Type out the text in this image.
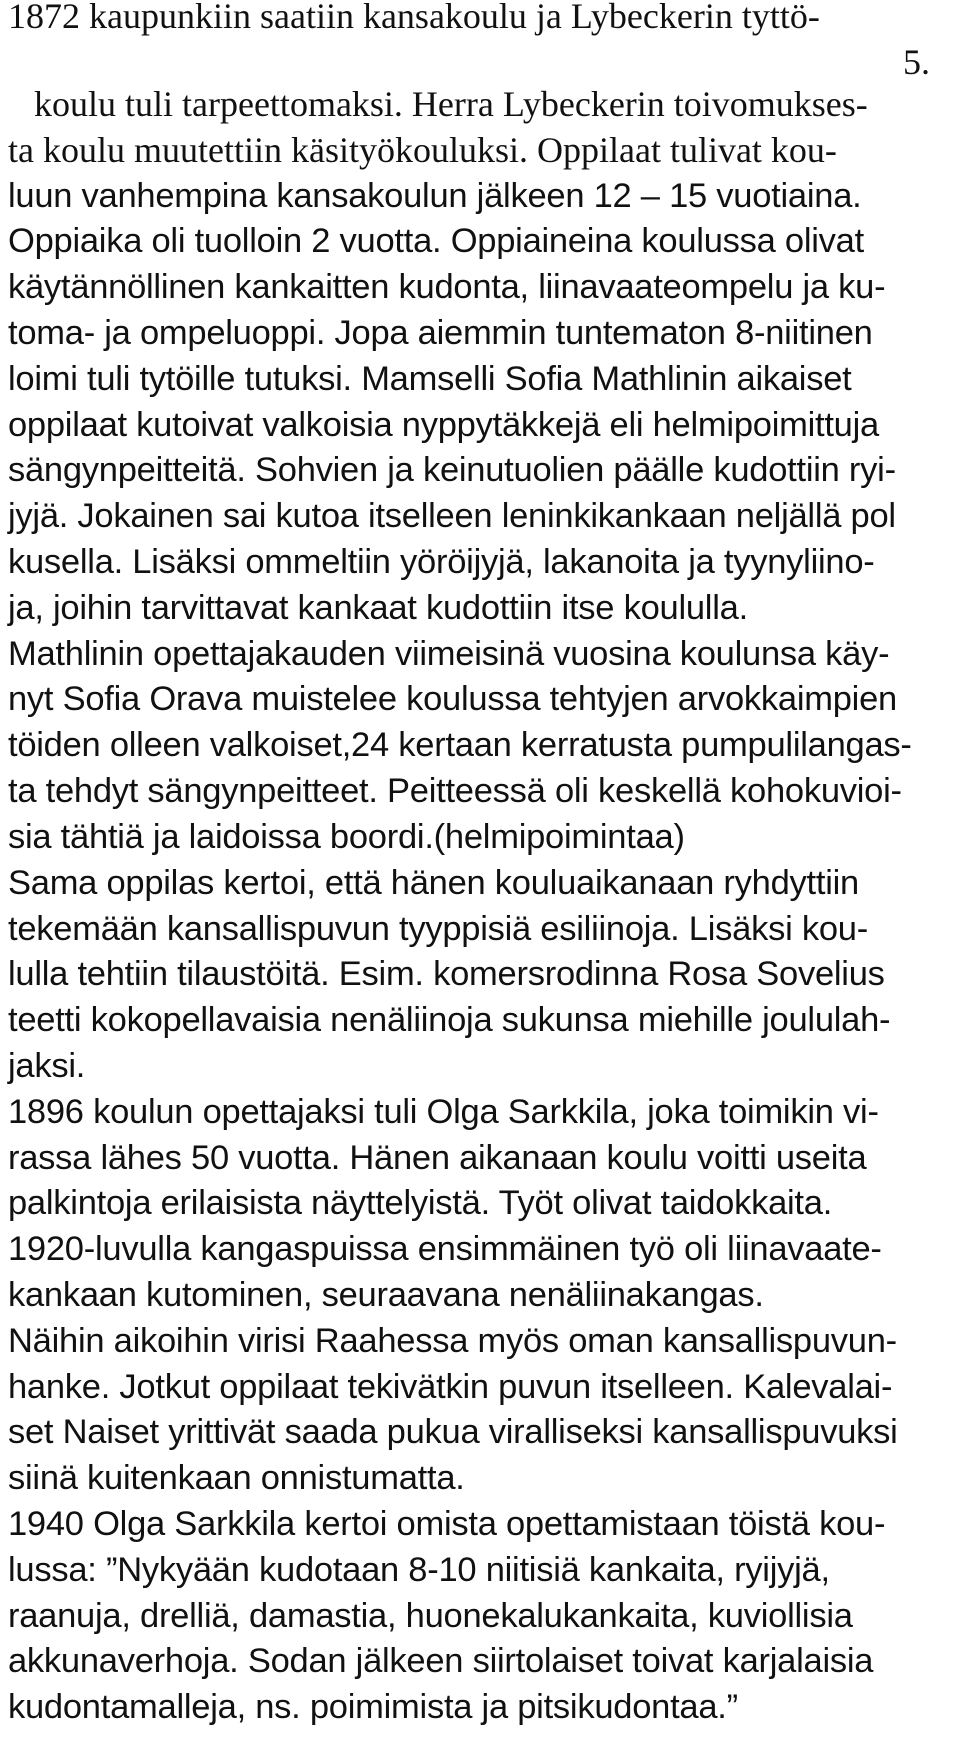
1872 kaupunkiin saatiin kansakoulu ja Lybeckerin tyttö-
5.
koulu tuli tarpeettomaksi. Herra Lybeckerin toivomukses-
ta koulu muutettiin käsityökouluksi. Oppilaat tulivat kou-
luun vanhempina kansakoulun jälkeen 12 – 15 vuotiaina.
Oppiaika oli tuolloin 2 vuotta. Oppiaineina koulussa olivat
käytännöllinen kankaitten kudonta, liinavaateompelu ja ku-
toma- ja ompeluoppi. Jopa aiemmin tuntematon 8-niitinen
loimi tuli tytöille tutuksi. Mamselli Sofia Mathlinin aikaiset
oppilaat kutoivat valkoisia nyppytäkkejä eli helmipoimittuja
sängynpeitteitä. Sohvien ja keinutuolien päälle kudottiin ryi-
jyjä. Jokainen sai kutoa itselleen leninkikankaan neljällä pol
kusella. Lisäksi ommeltiin yöröijyjä, lakanoita ja tyynyliino-
ja, joihin tarvittavat kankaat kudottiin itse koululla.
Mathlinin opettajakauden viimeisinä vuosina koulunsa käy-
nyt Sofia Orava muistelee koulussa tehtyjen arvokkaimpien
töiden olleen valkoiset,24 kertaan kerratusta pumpulilangas-
ta tehdyt sängynpeitteet. Peitteessä oli keskellä kohokuvioi-
sia tähtiä ja laidoissa boordi.(helmipoimintaa)
Sama oppilas kertoi, että hänen kouluaikanaan ryhdyttiin
tekemään kansallispuvun tyyppisiä esiliinoja. Lisäksi kou-
lulla tehtiin tilaustöitä. Esim. komersrodinna Rosa Sovelius
teetti kokopellavaisia nenäliinoja sukunsa miehille joululah-
jaksi.
1896 koulun opettajaksi tuli Olga Sarkkila, joka toimikin vi-
rassa lähes 50 vuotta. Hänen aikanaan koulu voitti useita
palkintoja erilaisista näyttelyistä. Työt olivat taidokkaita.
1920-luvulla kangaspuissa ensimmäinen työ oli liinavaate-
kankaan kutominen, seuraavana nenäliinakangas.
Näihin aikoihin virisi Raahessa myös oman kansallispuvun-
hanke. Jotkut oppilaat tekivätkin puvun itselleen. Kalevalai-
set Naiset yrittivät saada pukua viralliseksi kansallispuvuksi
siinä kuitenkaan onnistumatta.
1940 Olga Sarkkila kertoi omista opettamistaan töistä kou-
lussa: ”Nykyään kudotaan 8-10 niitisiä kankaita, ryijyjä,
raanuja, drelliä, damastia, huonekalukankaita, kuviollisia
akkunaverhoja. Sodan jälkeen siirtolaiset toivat karjalaisia
kudontamalleja, ns. poimimista ja pitsikudontaa.”
